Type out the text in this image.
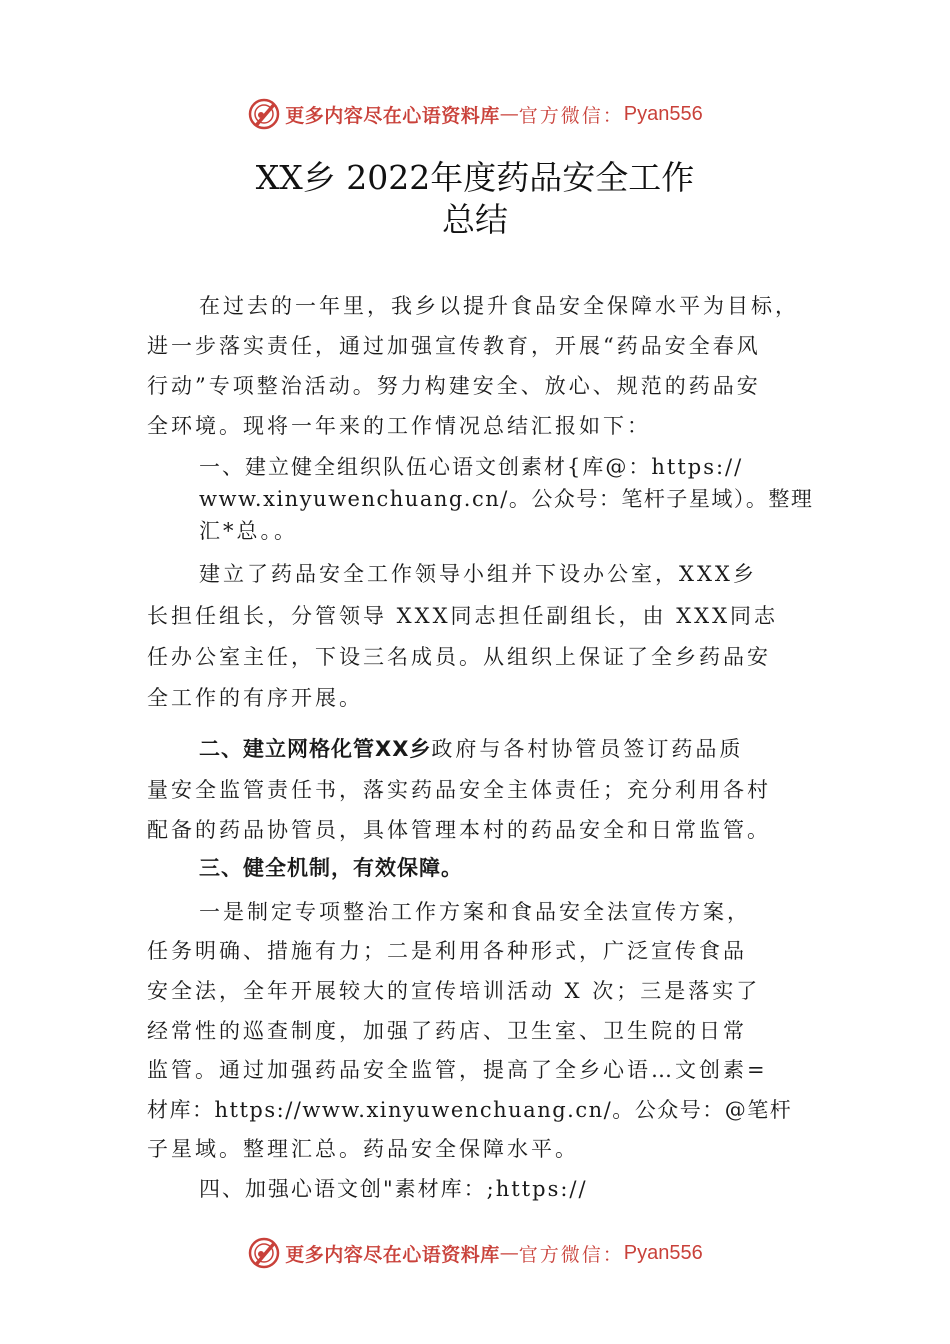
更多内容尽在心语资料库 — 官方微信： Pyan556
XX乡 2022年度药品安全工作
总结
在过去的一年里，我乡以提升食品安全保障水平为目标，
进一步落实责任，通过加强宣传教育，开展“药品安全春风
行动”专项整治活动。努力构建安全、放心、规范的药品安
全环境。现将一年来的工作情况总结汇报如下：
一、建立健全组织队伍心语文创素材{库@：https://
www.xinyuwenchuang.cn/。公众号：笔杆子星域）。整理
汇*总。。
建立了药品安全工作领导小组并下设办公室，XXX乡
长担任组长，分管领导 XXX同志担任副组长，由 XXX同志
任办公室主任，下设三名成员。从组织上保证了全乡药品安
全工作的有序开展。
二、建立网格化管XX乡政府与各村协管员签订药品质
量安全监管责任书，落实药品安全主体责任；充分利用各村
配备的药品协管员，具体管理本村的药品安全和日常监管。
三、健全机制，有效保障。
一是制定专项整治工作方案和食品安全法宣传方案，
任务明确、措施有力；二是利用各种形式，广泛宣传食品
安全法，全年开展较大的宣传培训活动 X 次；三是落实了
经常性的巡查制度，加强了药店、卫生室、卫生院的日常
监管。通过加强药品安全监管，提高了全乡心语…文创素=
材库：https://www.xinyuwenchuang.cn/。公众号：@笔杆
子星域。整理汇总。药品安全保障水平。
四、加强心语文创"素材库：;https://
更多内容尽在心语资料库 — 官方微信： Pyan556
